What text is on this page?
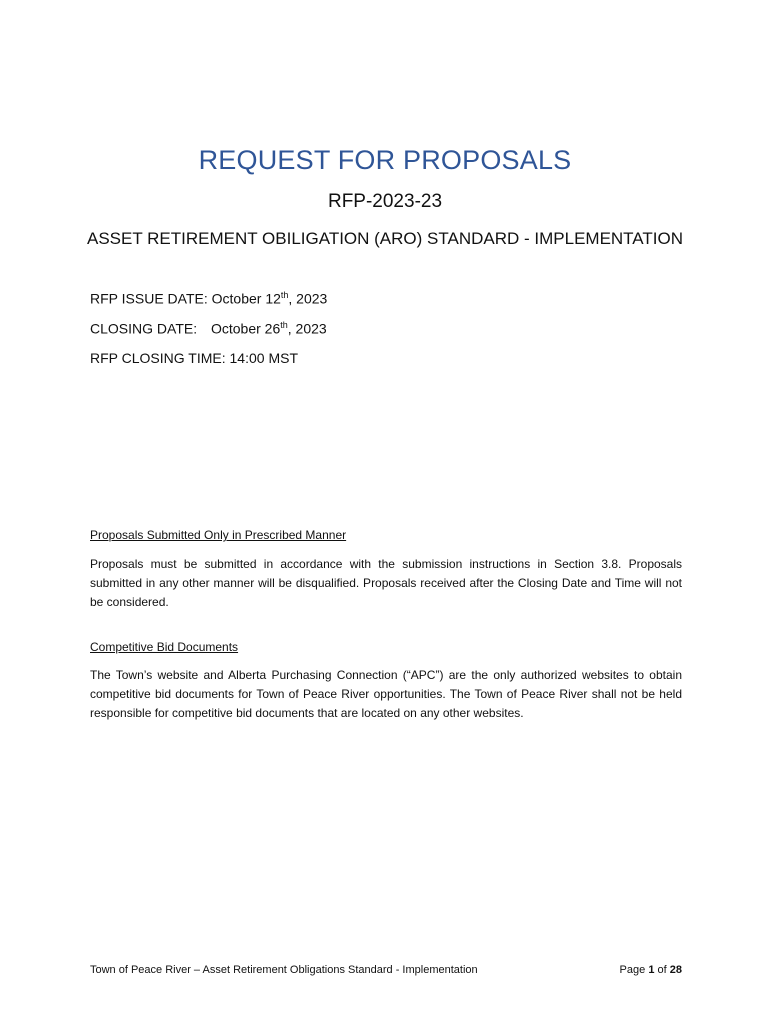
REQUEST FOR PROPOSALS
RFP-2023-23
ASSET RETIREMENT OBILIGATION (ARO) STANDARD - IMPLEMENTATION
RFP ISSUE DATE: October 12th, 2023
CLOSING DATE: October 26th, 2023
RFP CLOSING TIME: 14:00 MST
Proposals Submitted Only in Prescribed Manner
Proposals must be submitted in accordance with the submission instructions in Section 3.8. Proposals submitted in any other manner will be disqualified. Proposals received after the Closing Date and Time will not be considered.
Competitive Bid Documents
The Town’s website and Alberta Purchasing Connection (“APC”) are the only authorized websites to obtain competitive bid documents for Town of Peace River opportunities. The Town of Peace River shall not be held responsible for competitive bid documents that are located on any other websites.
Town of Peace River – Asset Retirement Obligations Standard - Implementation	Page 1 of 28
